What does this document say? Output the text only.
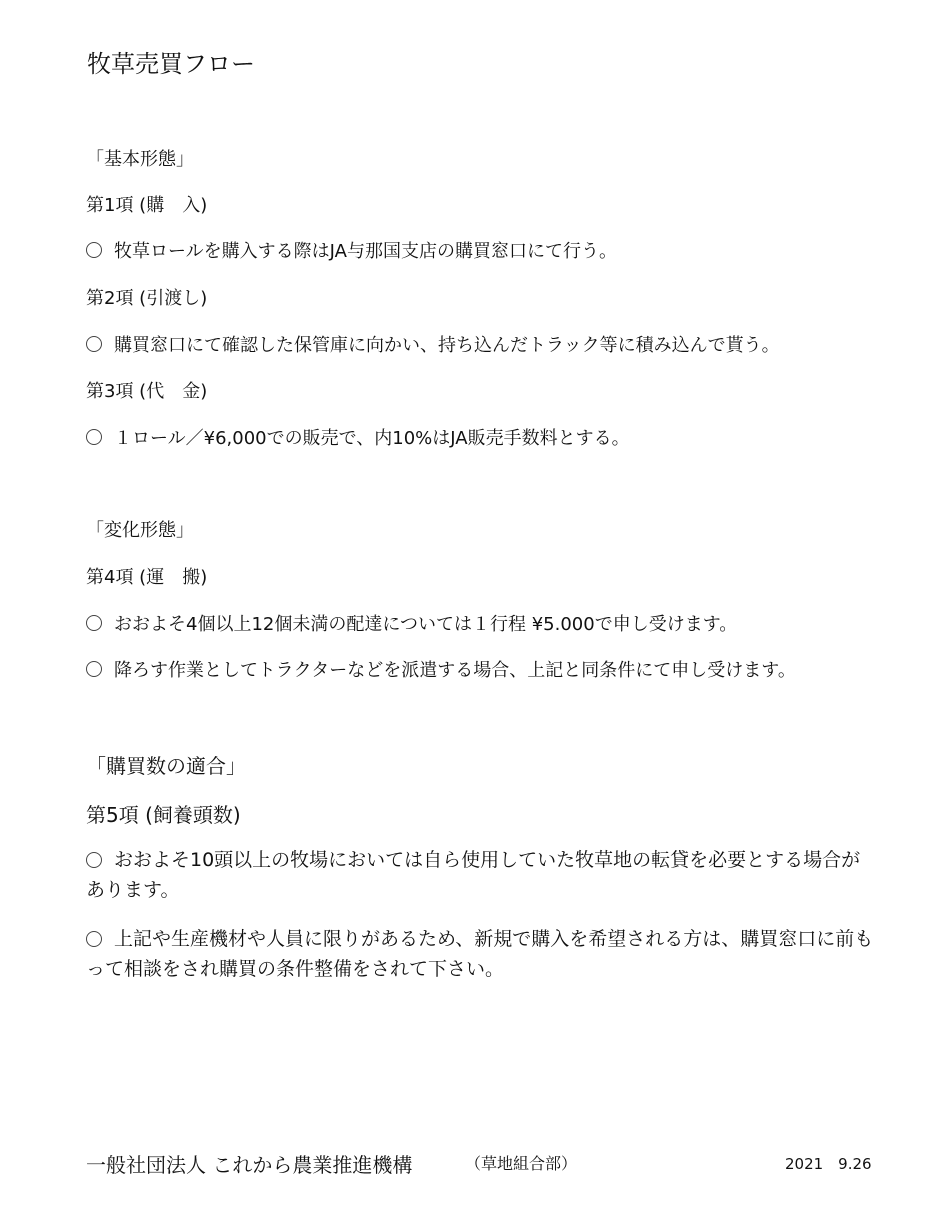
牧草売買フロー
「基本形態」
第1項 (購　入)
牧草ロールを購入する際はJA与那国支店の購買窓口にて行う。
第2項 (引渡し)
購買窓口にて確認した保管庫に向かい、持ち込んだトラック等に積み込んで貰う。
第3項 (代　金)
１ロール／¥6,000での販売で、内10%はJA販売手数料とする。
「変化形態」
第4項 (運　搬)
おおよそ4個以上12個未満の配達については１行程 ¥5.000で申し受けます。
降ろす作業としてトラクターなどを派遣する場合、上記と同条件にて申し受けます。
「購買数の適合」
第5項 (飼養頭数)
おおよそ10頭以上の牧場においては自ら使用していた牧草地の転貸を必要とする場合があります。
上記や生産機材や人員に限りがあるため、新規で購入を希望される方は、購買窓口に前もって相談をされ購買の条件整備をされて下さい。
一般社団法人 これから農業推進機構	（草地組合部）	2021　9.26
